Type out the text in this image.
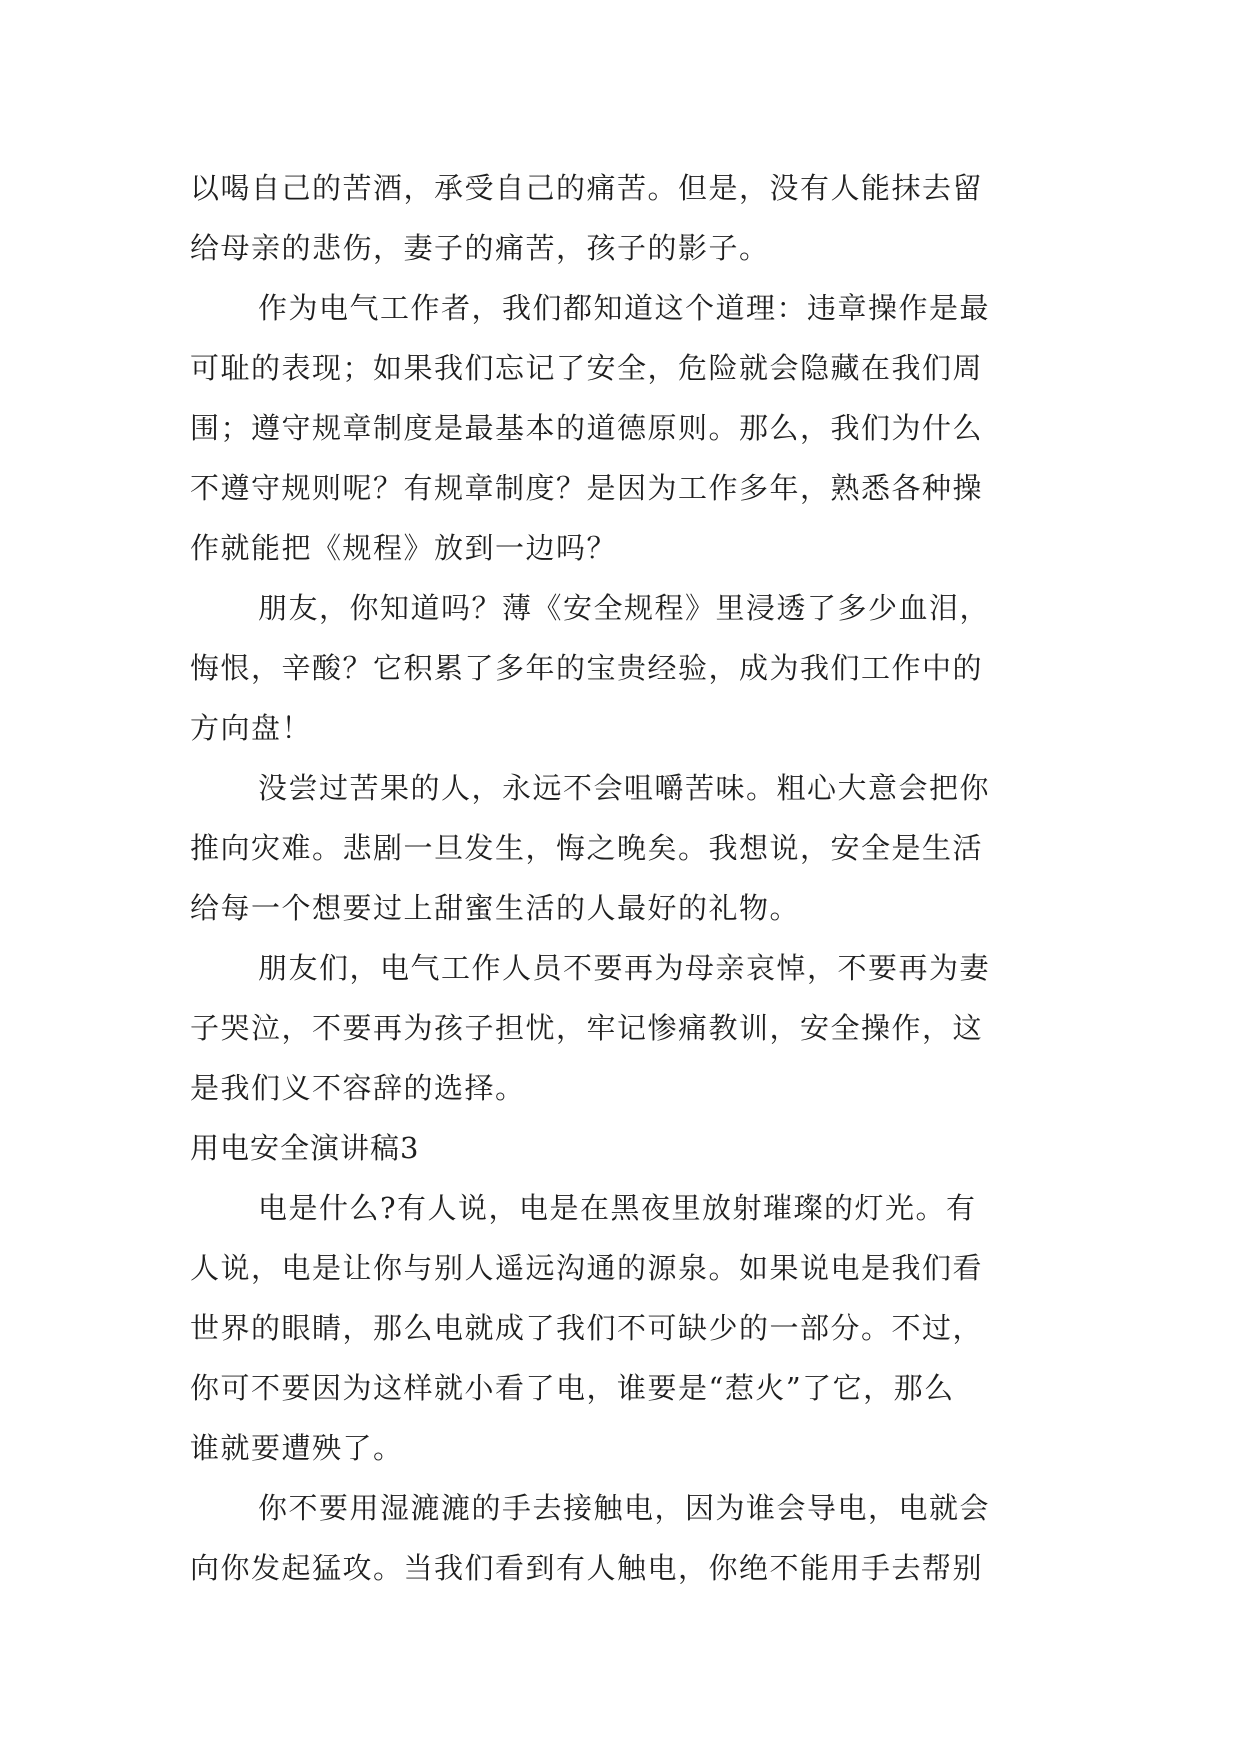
以喝自己的苦酒，承受自己的痛苦。但是，没有人能抹去留
给母亲的悲伤，妻子的痛苦，孩子的影子。
作为电气工作者，我们都知道这个道理：违章操作是最
可耻的表现；如果我们忘记了安全，危险就会隐藏在我们周
围；遵守规章制度是最基本的道德原则。那么，我们为什么
不遵守规则呢？有规章制度？是因为工作多年，熟悉各种操
作就能把《规程》放到一边吗？
朋友，你知道吗？薄《安全规程》里浸透了多少血泪，
悔恨，辛酸？它积累了多年的宝贵经验，成为我们工作中的
方向盘！
没尝过苦果的人，永远不会咀嚼苦味。粗心大意会把你
推向灾难。悲剧一旦发生，悔之晚矣。我想说，安全是生活
给每一个想要过上甜蜜生活的人最好的礼物。
朋友们，电气工作人员不要再为母亲哀悼，不要再为妻
子哭泣，不要再为孩子担忧，牢记惨痛教训，安全操作，这
是我们义不容辞的选择。
用电安全演讲稿3
电是什么?有人说，电是在黑夜里放射璀璨的灯光。有
人说，电是让你与别人遥远沟通的源泉。如果说电是我们看
世界的眼睛，那么电就成了我们不可缺少的一部分。不过，
你可不要因为这样就小看了电，谁要是“惹火”了它，那么
谁就要遭殃了。
你不要用湿漉漉的手去接触电，因为谁会导电，电就会
向你发起猛攻。当我们看到有人触电，你绝不能用手去帮别
